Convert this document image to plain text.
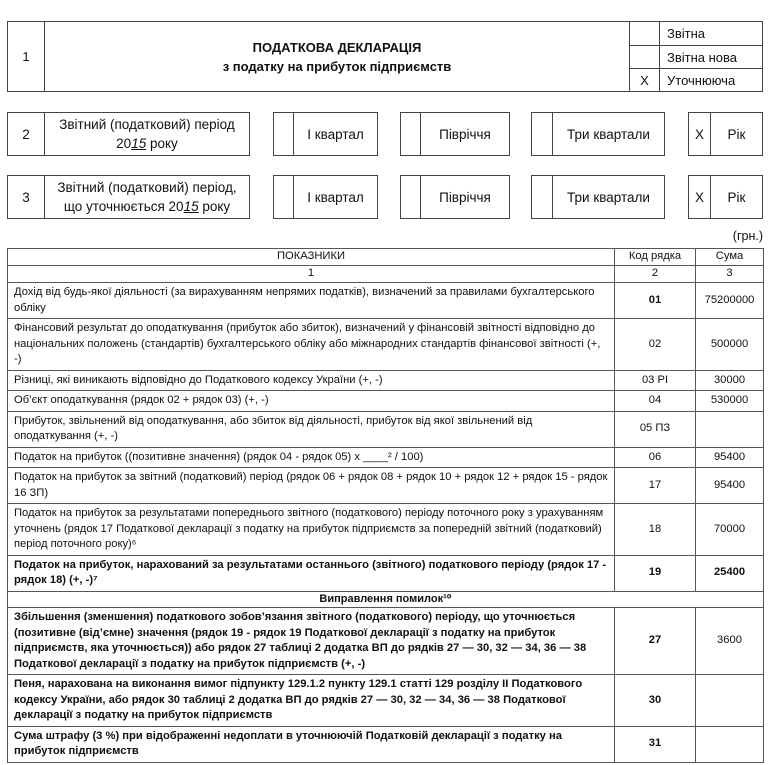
1
ПОДАТКОВА ДЕКЛАРАЦІЯ
з податку на прибуток підприємств
Звітна
Звітна нова
X Уточнююча
2
Звітний (податковий) період
2015 року
І квартал	Півріччя	Три квартали	X Рік
3
Звітний (податковий) період,
що уточнюється 2015 року
І квартал	Півріччя	Три квартали	X Рік
(грн.)
ПОКАЗНИКИ	Код рядка	Сума
1	2	3
Дохід від будь-якої діяльності (за вирахуванням непрямих податків), визначений за правилами бухгалтерського обліку	01	75200000
Фінансовий результат до оподаткування (прибуток або збиток), визначений у фінансовій звітності відповідно до національних положень (стандартів) бухгалтерського обліку або міжнародних стандартів фінансової звітності (+, -)	02	500000
Різниці, які виникають відповідно до Податкового кодексу України (+, -)	03 РІ	30000
Об’єкт оподаткування (рядок 02 + рядок 03) (+, -)	04	530000
Прибуток, звільнений від оподаткування, або збиток від діяльності, прибуток від якої звільнений від оподаткування (+, -)	05 ПЗ	
Податок на прибуток ((позитивне значення) (рядок 04 - рядок 05) х ____² / 100)	06	95400
Податок на прибуток за звітний (податковий) період (рядок 06 + рядок 08 + рядок 10 + рядок 12 + рядок 15 - рядок 16 ЗП)	17	95400
Податок на прибуток за результатами попереднього звітного (податкового) періоду поточного року з урахуванням уточнень (рядок 17 Податкової декларації з податку на прибуток підприємств за попередній звітний (податковий) період поточного року)⁶	18	70000
Податок на прибуток, нарахований за результатами останнього (звітного) податкового періоду (рядок 17 - рядок 18) (+, -)⁷	19	25400
Виправлення помилок¹⁰		
Збільшення (зменшення) податкового зобов’язання звітного (податкового) періоду, що уточнюється (позитивне (від’ємне) значення (рядок 19 - рядок 19 Податкової декларації з податку на прибуток підприємств, яка уточнюється)) або рядок 27 таблиці 2 додатка ВП до рядків 27 — 30, 32 — 34, 36 — 38 Податкової декларації з податку на прибуток підприємств (+, -)	27	3600
Пеня, нарахована на виконання вимог підпункту 129.1.2 пункту 129.1 статті 129 розділу II Податкового кодексу України, або рядок 30 таблиці 2 додатка ВП до рядків 27 — 30, 32 — 34, 36 — 38 Податкової декларації з податку на прибуток підприємств	30	
Сума штрафу (3 %) при відображенні недоплати в уточнюючій Податковій декларації з податку на прибуток підприємств	31	
